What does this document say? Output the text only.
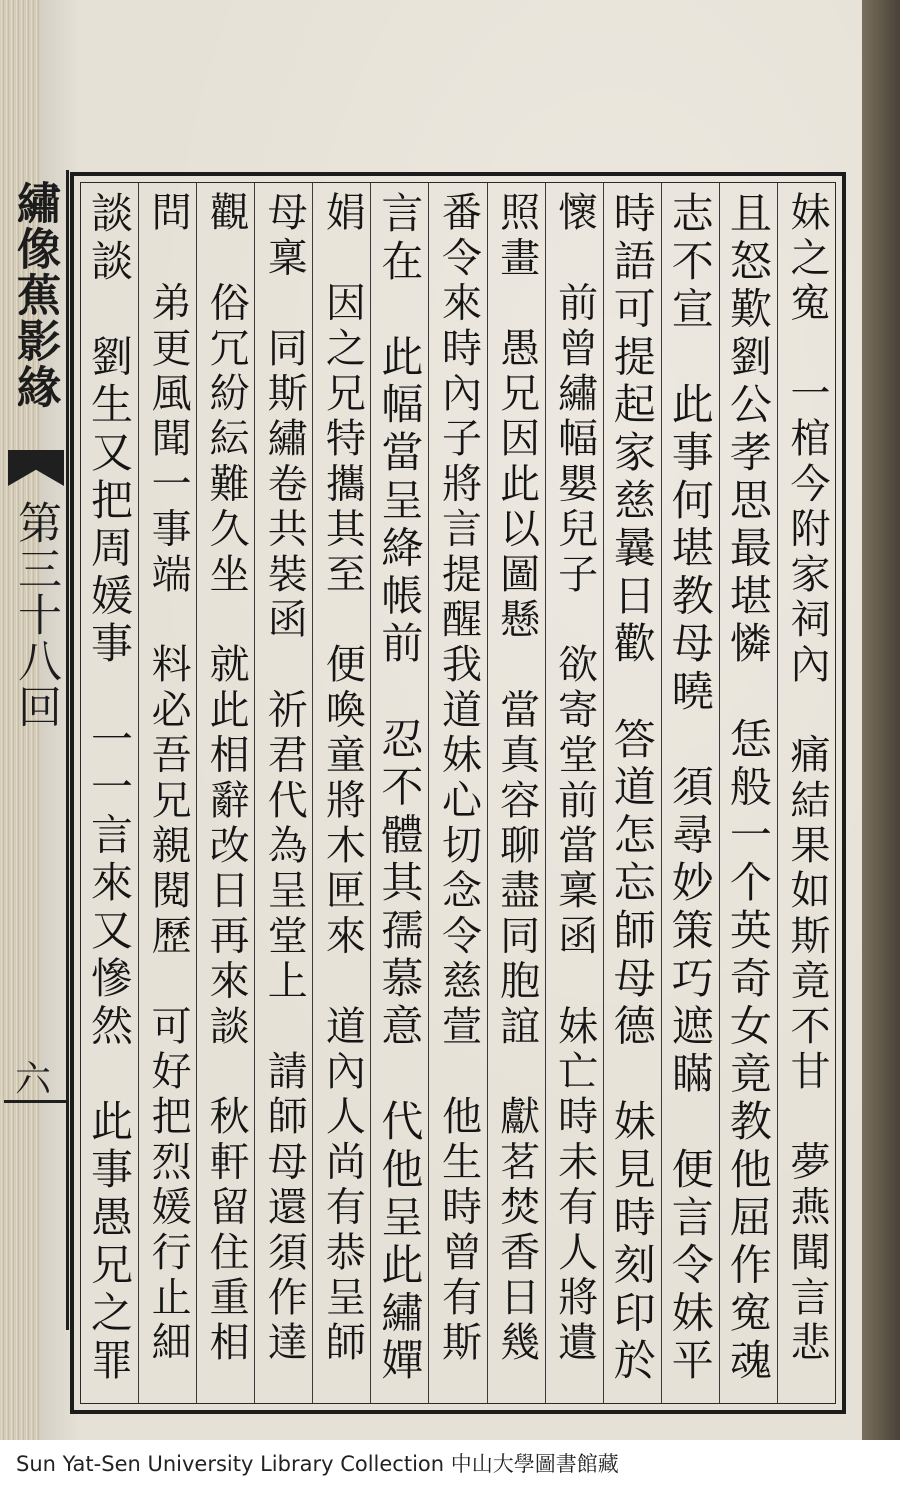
繡像蕉影緣
第三十八回
六	妹之寃　一棺今附家祠內　痛結果如斯竟不甘　夢燕聞言悲
且怒歎劉公孝思最堪憐　恁般一个英奇女竟教他屈作寃魂
志不宣　此事何堪教母曉　須尋妙策巧遮瞞　便言令妹平
時語可提起家慈曩日歡　答道怎忘師母德　妹見時刻印於
懷　前曾繡幅嬰兒子　欲寄堂前當稟函　妹亡時未有人將遺
照畫　愚兄因此以圖懸　當真容聊盡同胞誼　獻茗焚香日幾
番令來時內子將言提醒我道妹心切念令慈萱　他生時曾有斯
言在　此幅當呈絳帳前　忍不體其孺慕意　代他呈此繡嬋
娟　因之兄特攜其至　便喚童將木匣來　道內人尚有恭呈師
母稟　同斯繡卷共裝函　祈君代為呈堂上　請師母還須作達
觀　俗冗紛紜難久坐　就此相辭改日再來談　秋軒留住重相
問　弟更風聞一事端　料必吾兄親閱歷　可好把烈媛行止細
談談　劉生又把周媛事　一一言來又慘然　此事愚兄之罪
Sun Yat-Sen University Library Collection 中山大學圖書館藏
